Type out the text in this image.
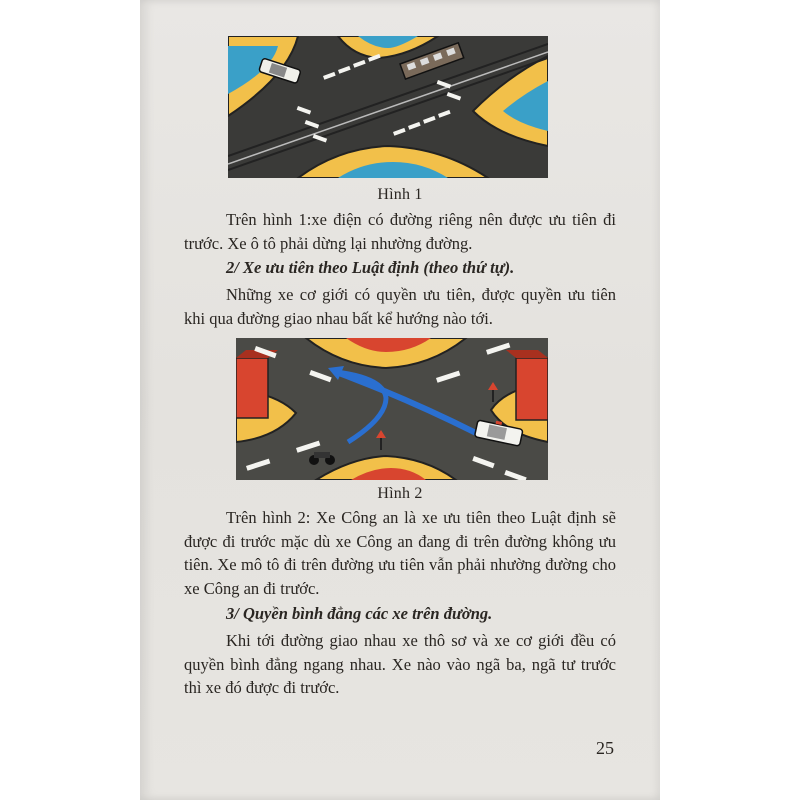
Hình 1

Trên hình 1:xe điện có đường riêng nên được ưu tiên đi trước. Xe ô tô phải dừng lại nhường đường.

2/ Xe ưu tiên theo Luật định (theo thứ tự).

Những xe cơ giới có quyền ưu tiên, được quyền ưu tiên khi qua đường giao nhau bất kể hướng nào tới.

Hình 2

Trên hình 2: Xe Công an là xe ưu tiên theo Luật định sẽ được đi trước mặc dù xe Công an đang đi trên đường không ưu tiên. Xe mô tô đi trên đường ưu tiên vẫn phải nhường đường cho xe Công an đi trước.

3/ Quyền bình đẳng các xe trên đường.

Khi tới đường giao nhau xe thô sơ và xe cơ giới đều có quyền bình đẳng ngang nhau. Xe nào vào ngã ba, ngã tư trước thì xe đó được đi trước.

25
